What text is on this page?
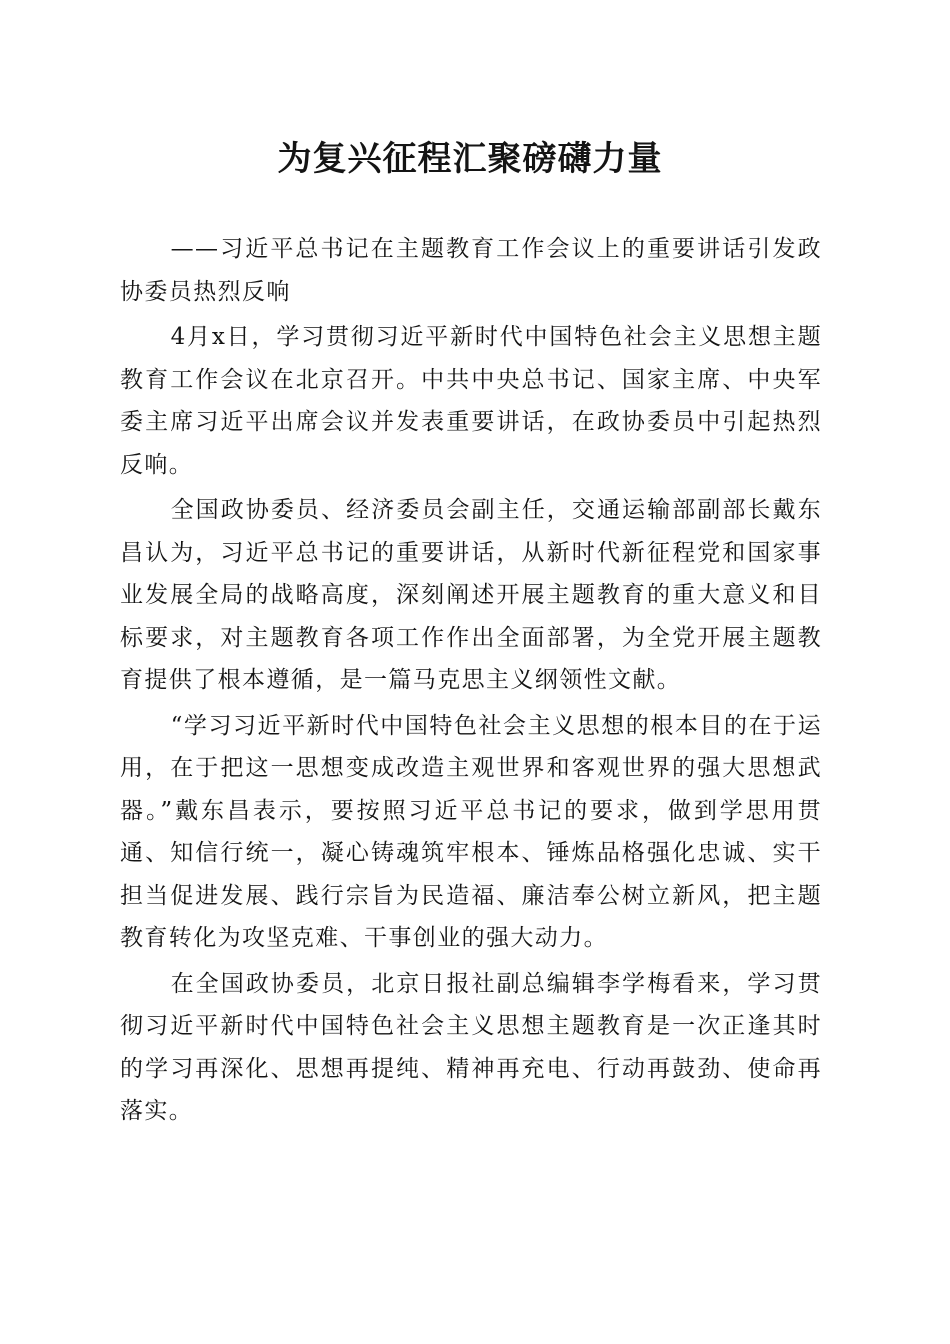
为复兴征程汇聚磅礴力量

——习近平总书记在主题教育工作会议上的重要讲话引发政协委员热烈反响

4月x日，学习贯彻习近平新时代中国特色社会主义思想主题教育工作会议在北京召开。中共中央总书记、国家主席、中央军委主席习近平出席会议并发表重要讲话，在政协委员中引起热烈反响。

全国政协委员、经济委员会副主任，交通运输部副部长戴东昌认为，习近平总书记的重要讲话，从新时代新征程党和国家事业发展全局的战略高度，深刻阐述开展主题教育的重大意义和目标要求，对主题教育各项工作作出全面部署，为全党开展主题教育提供了根本遵循，是一篇马克思主义纲领性文献。

“学习习近平新时代中国特色社会主义思想的根本目的在于运用，在于把这一思想变成改造主观世界和客观世界的强大思想武器。”戴东昌表示，要按照习近平总书记的要求，做到学思用贯通、知信行统一，凝心铸魂筑牢根本、锤炼品格强化忠诚、实干担当促进发展、践行宗旨为民造福、廉洁奉公树立新风，把主题教育转化为攻坚克难、干事创业的强大动力。

在全国政协委员，北京日报社副总编辑李学梅看来，学习贯彻习近平新时代中国特色社会主义思想主题教育是一次正逢其时的学习再深化、思想再提纯、精神再充电、行动再鼓劲、使命再落实。
